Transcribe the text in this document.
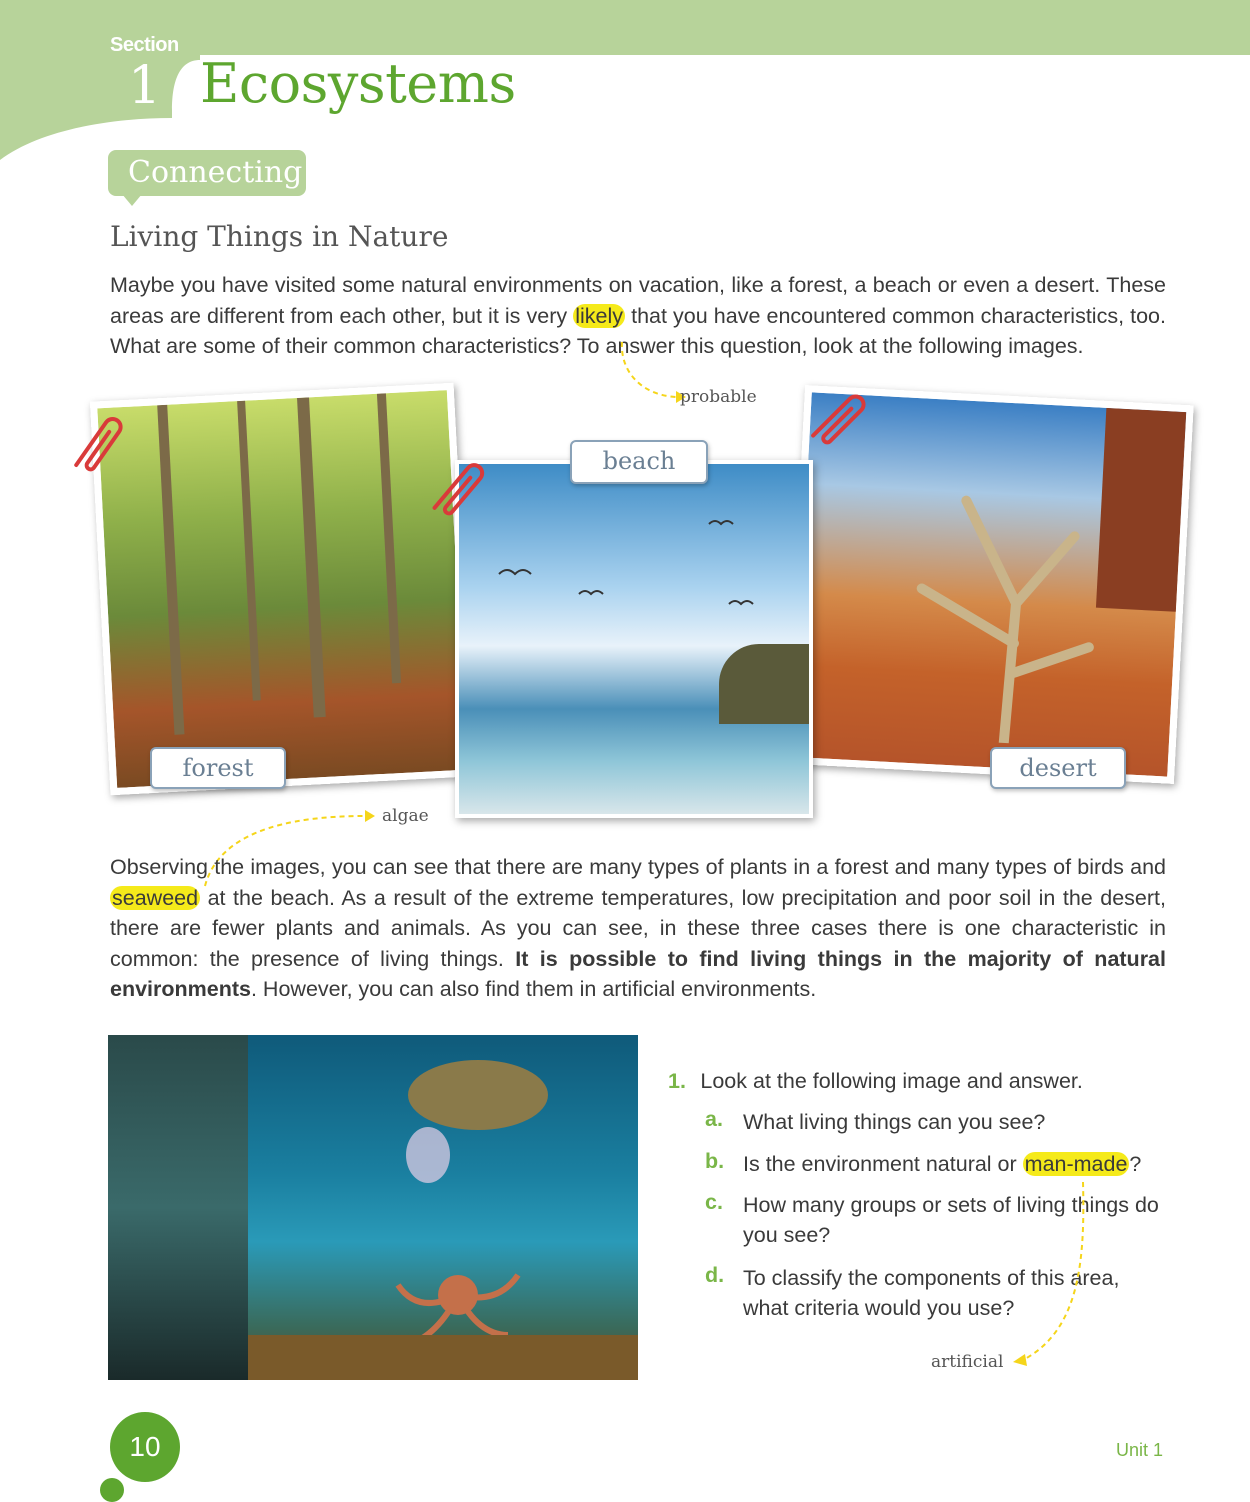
Section
1 Ecosystems
Connecting
Living Things in Nature
Maybe you have visited some natural environments on vacation, like a forest, a beach or even a desert. These areas are different from each other, but it is very likely that you have encountered common characteristics, too. What are some of their common characteristics? To answer this question, look at the following images.
probable
forest	desert
beach
algae
Observing the images, you can see that there are many types of plants in a forest and many types of birds and seaweed at the beach. As a result of the extreme temperatures, low precipitation and poor soil in the desert, there are fewer plants and animals. As you can see, in these three cases there is one characteristic in common: the presence of living things. It is possible to find living things in the majority of natural environments. However, you can also find them in artificial environments.
1. Look at the following image and answer.
a. What living things can you see?
b. Is the environment natural or man-made?
c. How many groups or sets of living things do you see?
d. To classify the components of this area, what criteria would you use?
artificial
10	Unit 1
